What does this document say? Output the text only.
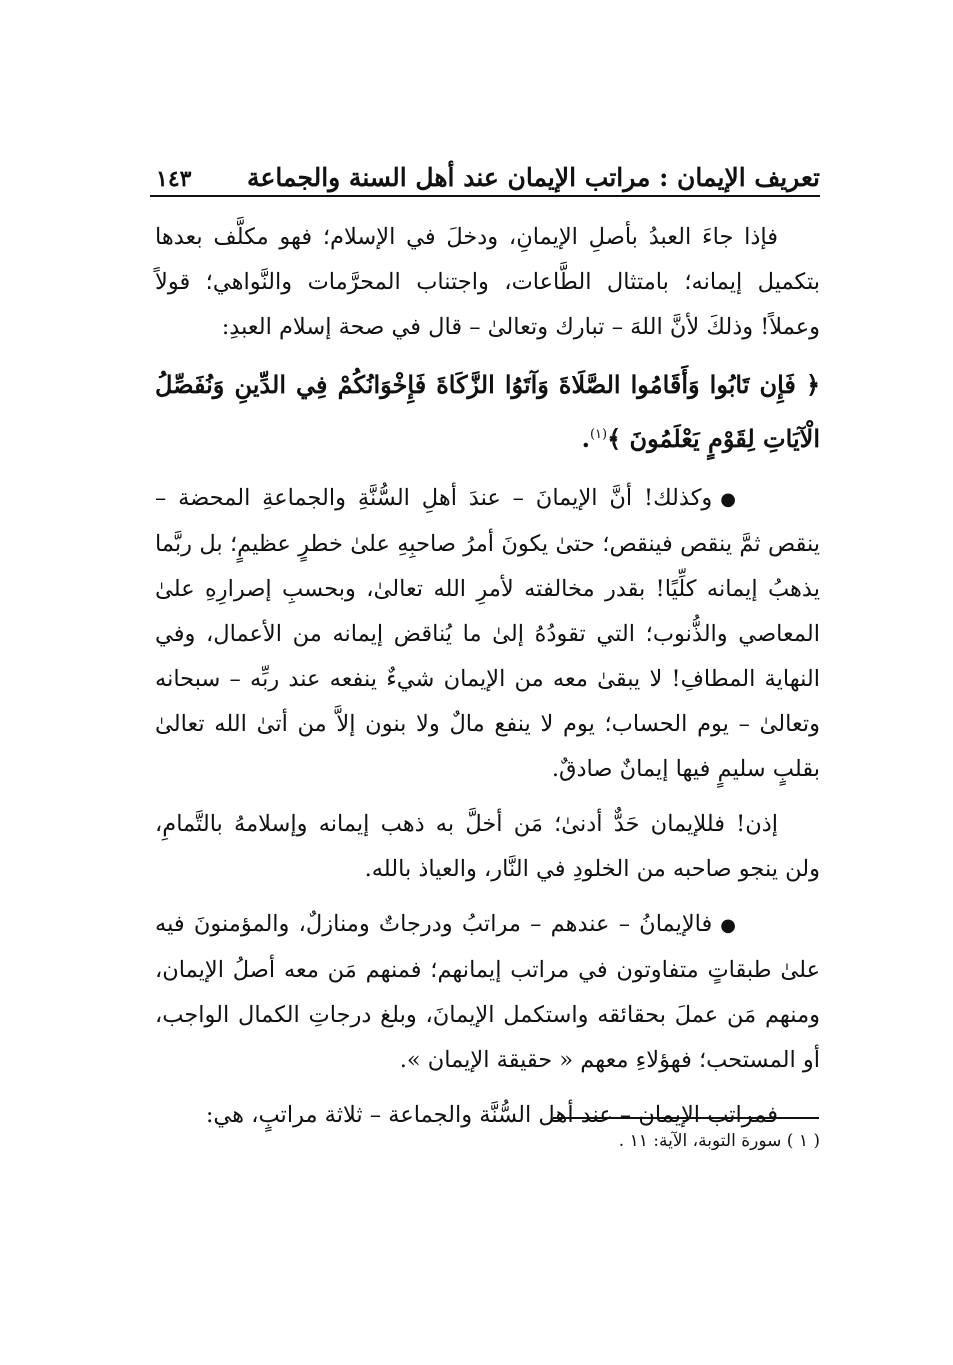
١٤٣ تعريف الإيمان : مراتب الإيمان عند أهل السنة والجماعة

فإذا جاءَ العبدُ بأصلِ الإيمانِ، ودخلَ في الإسلام؛ فهو مكلَّف بعدها بتكميل إيمانه؛ بامتثال الطَّاعات، واجتناب المحرَّمات والنَّواهي؛ قولاً وعملاً! وذلكَ لأنَّ اللهَ – تبارك وتعالىٰ – قال في صحة إسلام العبدِ:

﴿ فَإِن تَابُوا وَأَقَامُوا الصَّلَاةَ وَآتَوُا الزَّكَاةَ فَإِخْوَانُكُمْ فِي الدِّينِ وَنُفَصِّلُ الْآيَاتِ لِقَوْمٍ يَعْلَمُونَ ﴾$^{(١)}$.

●وكذلك! أنَّ الإيمانَ – عندَ أهلِ السُّنَّةِ والجماعةِ المحضة – ينقص ثمَّ ينقص فينقص؛ حتىٰ يكونَ أمرُ صاحبِهِ علىٰ خطرٍ عظيمٍ؛ بل ربَّما يذهبُ إيمانه كلِّيًا! بقدر مخالفته لأمرِ الله تعالىٰ، وبحسبِ إصرارِهِ علىٰ المعاصي والذُّنوب؛ التي تقودُهُ إلىٰ ما يُناقض إيمانه من الأعمال، وفي النهاية المطافِ! لا يبقىٰ معه من الإيمان شيءٌ ينفعه عند ربِّه – سبحانه وتعالىٰ – يوم الحساب؛ يوم لا ينفع مالٌ ولا بنون إلاَّ من أتىٰ الله تعالىٰ بقلبٍ سليمٍ فيها إيمانٌ صادقٌ.

إذن! فللإيمان حَدٌّ أدنىٰ؛ مَن أخلَّ به ذهب إيمانه وإسلامهُ بالتَّمامِ، ولن ينجو صاحبه من الخلودِ في النَّار، والعياذ بالله.

●فالإيمانُ – عندهم – مراتبُ ودرجاتٌ ومنازلٌ، والمؤمنونَ فيه علىٰ طبقاتٍ متفاوتون في مراتب إيمانهم؛ فمنهم مَن معه أصلُ الإيمان، ومنهم مَن عملَ بحقائقه واستكمل الإيمانَ، وبلغ درجاتِ الكمال الواجب، أو المستحب؛ فهؤلاءِ معهم « حقيقة الإيمان ».

فمراتب الإيمان – عند أهل السُّنَّة والجماعة – ثلاثة مراتبٍ، هي:

( ١ ) سورة التوبة، الآية: ١١ .
